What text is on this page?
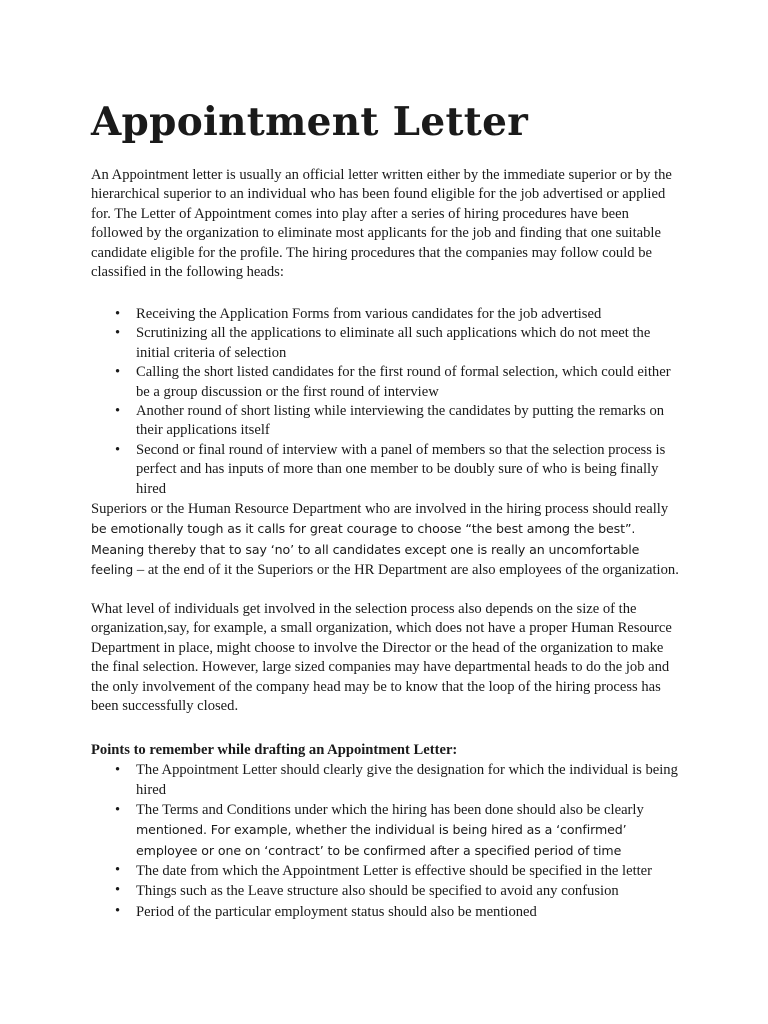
Appointment Letter

An Appointment letter is usually an official letter written either by the immediate superior or by the hierarchical superior to an individual who has been found eligible for the job advertised or applied for. The Letter of Appointment comes into play after a series of hiring procedures have been followed by the organization to eliminate most applicants for the job and finding that one suitable candidate eligible for the profile. The hiring procedures that the companies may follow could be classified in the following heads:

• Receiving the Application Forms from various candidates for the job advertised
• Scrutinizing all the applications to eliminate all such applications which do not meet the initial criteria of selection
• Calling the short listed candidates for the first round of formal selection, which could either be a group discussion or the first round of interview
• Another round of short listing while interviewing the candidates by putting the remarks on their applications itself
• Second or final round of interview with a panel of members so that the selection process is perfect and has inputs of more than one member to be doubly sure of who is being finally hired

Superiors or the Human Resource Department who are involved in the hiring process should really be emotionally tough as it calls for great courage to choose “the best among the best”. Meaning thereby that to say ‘no’ to all candidates except one is really an uncomfortable feeling – at the end of it the Superiors or the HR Department are also employees of the organization.

What level of individuals get involved in the selection process also depends on the size of the organization,say, for example, a small organization, which does not have a proper Human Resource Department in place, might choose to involve the Director or the head of the organization to make the final selection. However, large sized companies may have departmental heads to do the job and the only involvement of the company head may be to know that the loop of the hiring process has been successfully closed.

Points to remember while drafting an Appointment Letter:

• The Appointment Letter should clearly give the designation for which the individual is being hired
• The Terms and Conditions under which the hiring has been done should also be clearly mentioned. For example, whether the individual is being hired as a ‘confirmed’ employee or one on ‘contract’ to be confirmed after a specified period of time
• The date from which the Appointment Letter is effective should be specified in the letter
• Things such as the Leave structure also should be specified to avoid any confusion
• Period of the particular employment status should also be mentioned
